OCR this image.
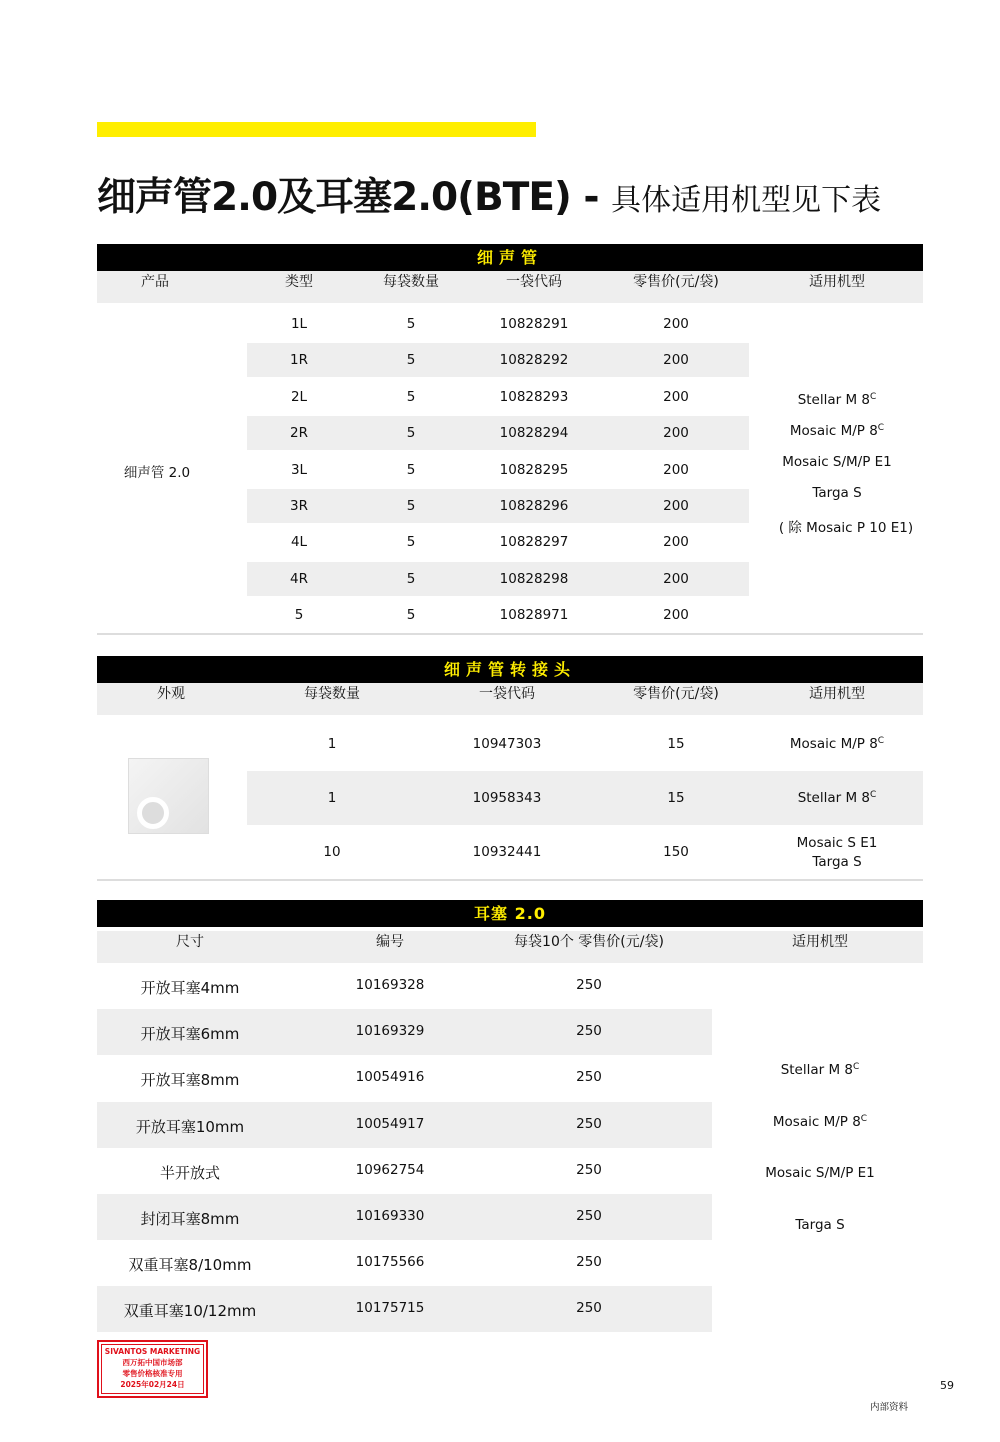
细声管2.0及耳塞2.0(BTE) - 具体适用机型见下表
细声管
产品	类型	每袋数量	一袋代码	零售价(元/袋)	适用机型
1L	5	10828291	200
1R	5	10828292	200
2L	5	10828293	200
2R	5	10828294	200
3L	5	10828295	200
3R	5	10828296	200
4L	5	10828297	200
4R	5	10828298	200
5	5	10828971	200
细声管 2.0
Stellar M $8^C$
Mosaic M/P $8^C$
Mosaic S/M/P E1
Targa S
( 除 Mosaic P 10 E1)
细声管转接头
外观	每袋数量	一袋代码	零售价(元/袋)	适用机型
1	10947303	15	Mosaic M/P $8^C$
1	10958343	15	Stellar M $8^C$
10	10932441	150
Mosaic S E1
Targa S
耳塞 2.0
尺寸	编号	每袋10个 零售价(元/袋)	适用机型
开放耳塞4mm	10169328	250
开放耳塞6mm	10169329	250
开放耳塞8mm	10054916	250
开放耳塞10mm	10054917	250
半开放式	10962754	250
封闭耳塞8mm	10169330	250
双重耳塞8/10mm	10175566	250
双重耳塞10/12mm	10175715	250
Stellar M $8^C$
Mosaic M/P $8^C$
Mosaic S/M/P E1
Targa S
SIVANTOS MARKETING
西万拓中国市场部
零售价格核准专用
2025年02月24日	59
内部资料
